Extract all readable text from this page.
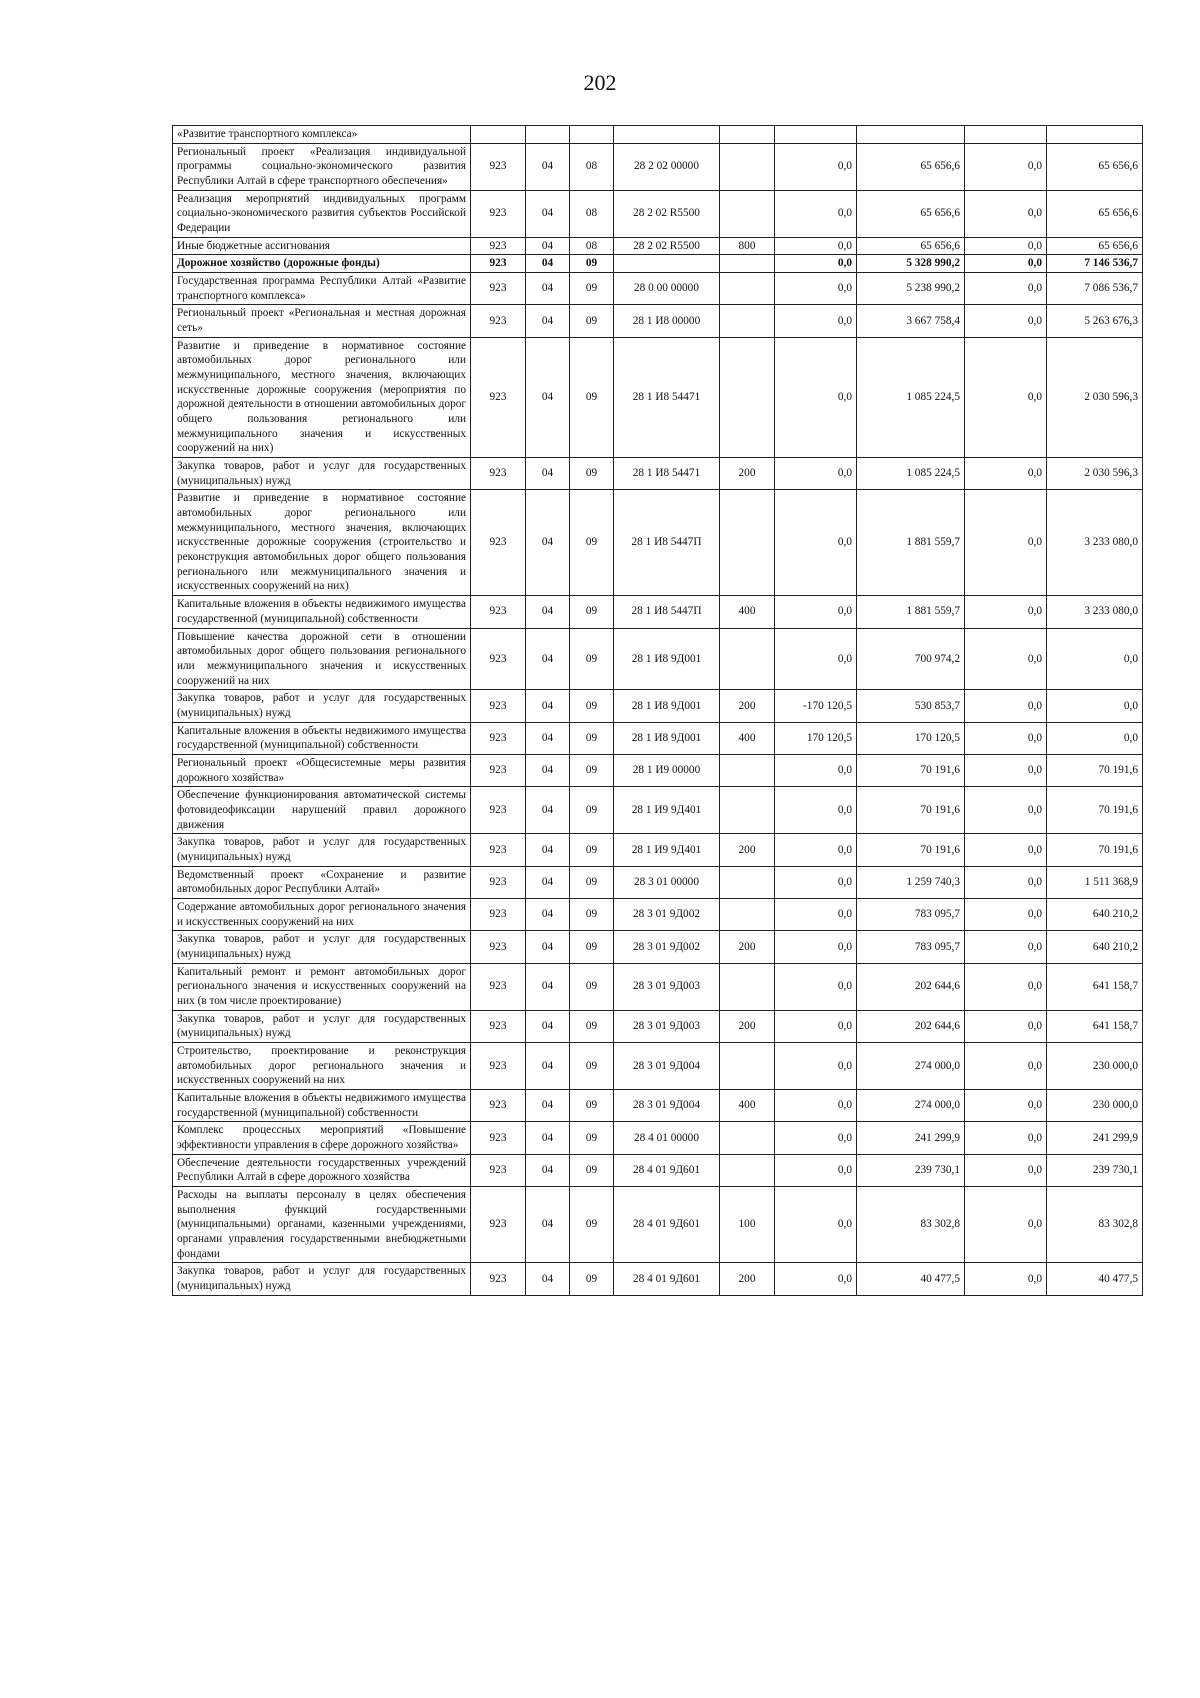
202
«Развитие транспортного комплекса»									
Региональный проект «Реализация индивидуальной программы социально-экономического развития Республики Алтай в сфере транспортного обеспечения»	923	04	08	28 2 02 00000		0,0	65 656,6	0,0	65 656,6
Реализация мероприятий индивидуальных программ социально-экономического развития субъектов Российской Федерации	923	04	08	28 2 02 R5500		0,0	65 656,6	0,0	65 656,6
Иные бюджетные ассигнования	923	04	08	28 2 02 R5500	800	0,0	65 656,6	0,0	65 656,6
Дорожное хозяйство (дорожные фонды)	923	04	09			0,0	5 328 990,2	0,0	7 146 536,7
Государственная программа Республики Алтай «Развитие транспортного комплекса»	923	04	09	28 0 00 00000		0,0	5 238 990,2	0,0	7 086 536,7
Региональный проект «Региональная и местная дорожная сеть»	923	04	09	28 1 И8 00000		0,0	3 667 758,4	0,0	5 263 676,3
Развитие и приведение в нормативное состояние автомобильных дорог регионального или межмуниципального, местного значения, включающих искусственные дорожные сооружения (мероприятия по дорожной деятельности в отношении автомобильных дорог общего пользования регионального или межмуниципального значения и искусственных сооружений на них)	923	04	09	28 1 И8 54471		0,0	1 085 224,5	0,0	2 030 596,3
Закупка товаров, работ и услуг для государственных (муниципальных) нужд	923	04	09	28 1 И8 54471	200	0,0	1 085 224,5	0,0	2 030 596,3
Развитие и приведение в нормативное состояние автомобильных дорог регионального или межмуниципального, местного значения, включающих искусственные дорожные сооружения (строительство и реконструкция автомобильных дорог общего пользования регионального или межмуниципального значения и искусственных сооружений на них)	923	04	09	28 1 И8 5447П		0,0	1 881 559,7	0,0	3 233 080,0
Капитальные вложения в объекты недвижимого имущества государственной (муниципальной) собственности	923	04	09	28 1 И8 5447П	400	0,0	1 881 559,7	0,0	3 233 080,0
Повышение качества дорожной сети в отношении автомобильных дорог общего пользования регионального или межмуниципального значения и искусственных сооружений на них	923	04	09	28 1 И8 9Д001		0,0	700 974,2	0,0	0,0
Закупка товаров, работ и услуг для государственных (муниципальных) нужд	923	04	09	28 1 И8 9Д001	200	-170 120,5	530 853,7	0,0	0,0
Капитальные вложения в объекты недвижимого имущества государственной (муниципальной) собственности	923	04	09	28 1 И8 9Д001	400	170 120,5	170 120,5	0,0	0,0
Региональный проект «Общесистемные меры развития дорожного хозяйства»	923	04	09	28 1 И9 00000		0,0	70 191,6	0,0	70 191,6
Обеспечение функционирования автоматической системы фотовидеофиксации нарушений правил дорожного движения	923	04	09	28 1 И9 9Д401		0,0	70 191,6	0,0	70 191,6
Закупка товаров, работ и услуг для государственных (муниципальных) нужд	923	04	09	28 1 И9 9Д401	200	0,0	70 191,6	0,0	70 191,6
Ведомственный проект «Сохранение и развитие автомобильных дорог Республики Алтай»	923	04	09	28 3 01 00000		0,0	1 259 740,3	0,0	1 511 368,9
Содержание автомобильных дорог регионального значения и искусственных сооружений на них	923	04	09	28 3 01 9Д002		0,0	783 095,7	0,0	640 210,2
Закупка товаров, работ и услуг для государственных (муниципальных) нужд	923	04	09	28 3 01 9Д002	200	0,0	783 095,7	0,0	640 210,2
Капитальный ремонт и ремонт автомобильных дорог регионального значения и искусственных сооружений на них (в том числе проектирование)	923	04	09	28 3 01 9Д003		0,0	202 644,6	0,0	641 158,7
Закупка товаров, работ и услуг для государственных (муниципальных) нужд	923	04	09	28 3 01 9Д003	200	0,0	202 644,6	0,0	641 158,7
Строительство, проектирование и реконструкция автомобильных дорог регионального значения и искусственных сооружений на них	923	04	09	28 3 01 9Д004		0,0	274 000,0	0,0	230 000,0
Капитальные вложения в объекты недвижимого имущества государственной (муниципальной) собственности	923	04	09	28 3 01 9Д004	400	0,0	274 000,0	0,0	230 000,0
Комплекс процессных мероприятий «Повышение эффективности управления в сфере дорожного хозяйства»	923	04	09	28 4 01 00000		0,0	241 299,9	0,0	241 299,9
Обеспечение деятельности государственных учреждений Республики Алтай в сфере дорожного хозяйства	923	04	09	28 4 01 9Д601		0,0	239 730,1	0,0	239 730,1
Расходы на выплаты персоналу в целях обеспечения выполнения функций государственными (муниципальными) органами, казенными учреждениями, органами управления государственными внебюджетными фондами	923	04	09	28 4 01 9Д601	100	0,0	83 302,8	0,0	83 302,8
Закупка товаров, работ и услуг для государственных (муниципальных) нужд	923	04	09	28 4 01 9Д601	200	0,0	40 477,5	0,0	40 477,5
